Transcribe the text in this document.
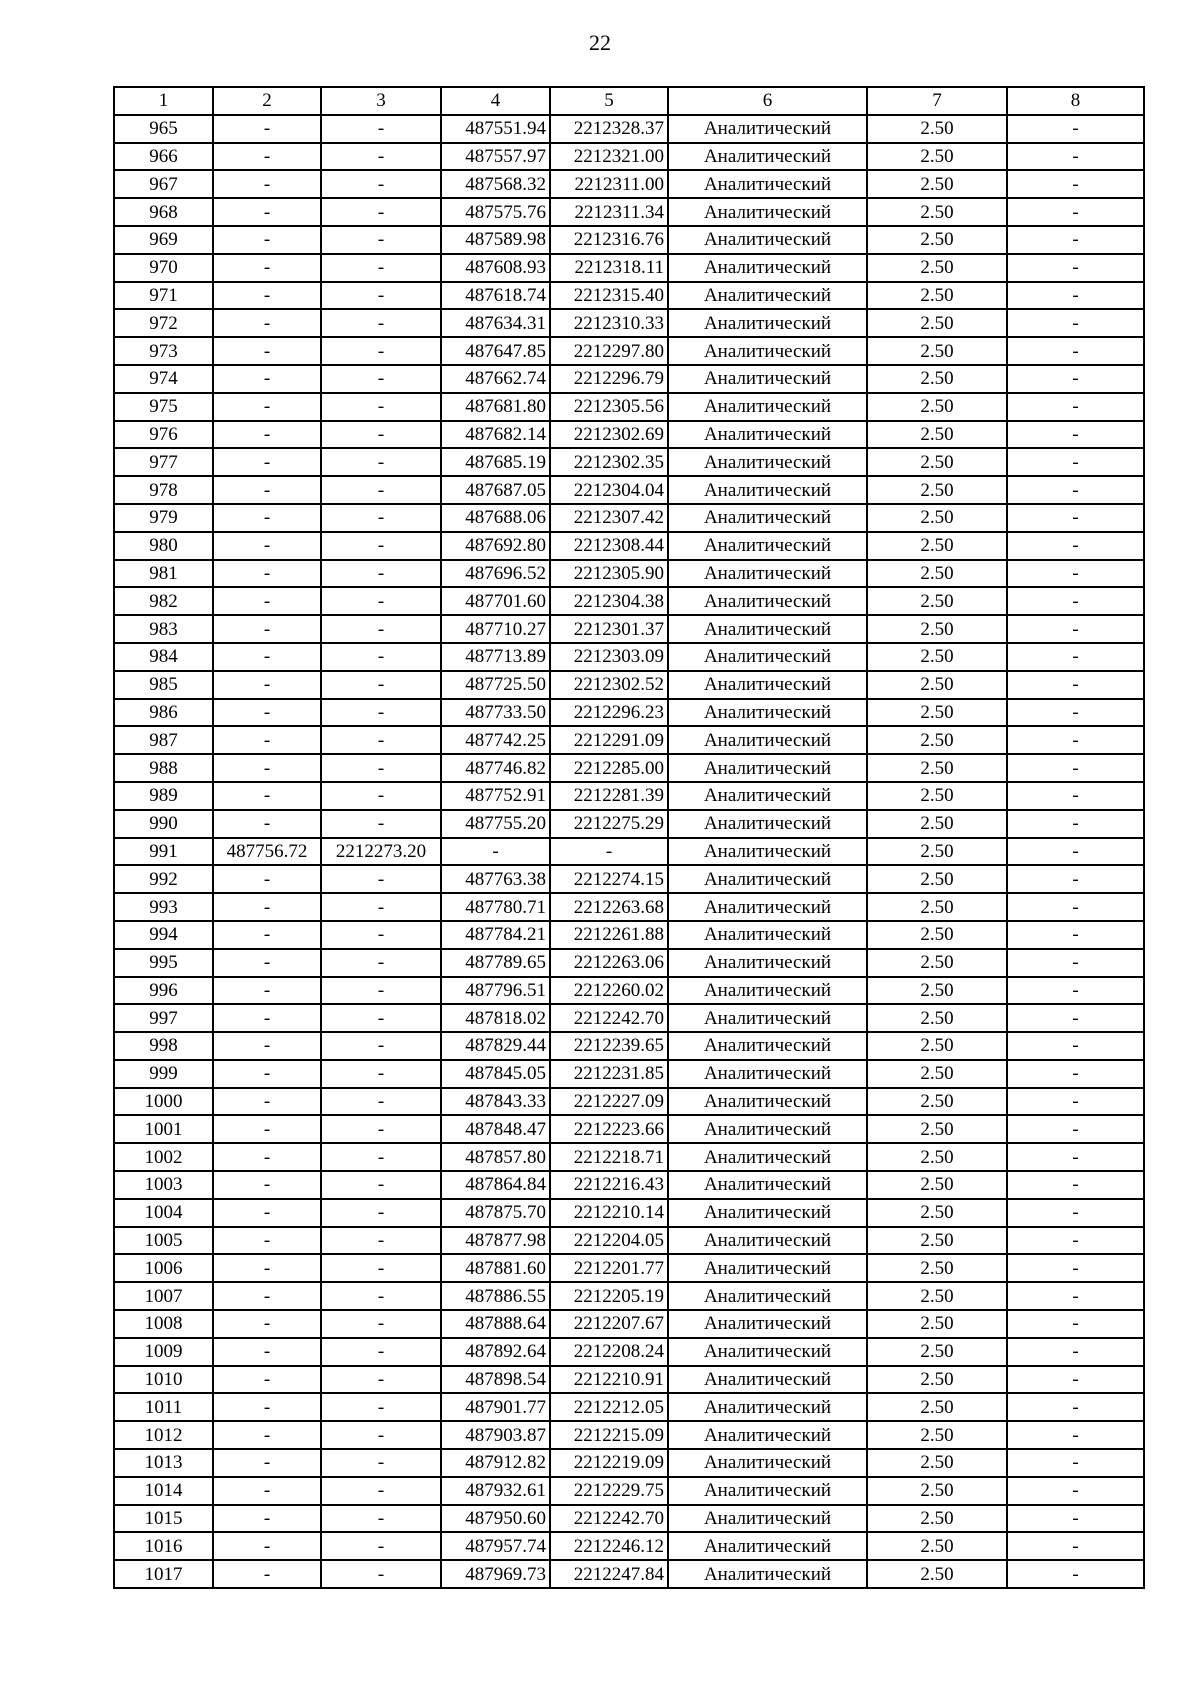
22
1	2	3	4	5	6	7	8
965	-	-	487551.94	2212328.37	Аналитический	2.50	-
966	-	-	487557.97	2212321.00	Аналитический	2.50	-
967	-	-	487568.32	2212311.00	Аналитический	2.50	-
968	-	-	487575.76	2212311.34	Аналитический	2.50	-
969	-	-	487589.98	2212316.76	Аналитический	2.50	-
970	-	-	487608.93	2212318.11	Аналитический	2.50	-
971	-	-	487618.74	2212315.40	Аналитический	2.50	-
972	-	-	487634.31	2212310.33	Аналитический	2.50	-
973	-	-	487647.85	2212297.80	Аналитический	2.50	-
974	-	-	487662.74	2212296.79	Аналитический	2.50	-
975	-	-	487681.80	2212305.56	Аналитический	2.50	-
976	-	-	487682.14	2212302.69	Аналитический	2.50	-
977	-	-	487685.19	2212302.35	Аналитический	2.50	-
978	-	-	487687.05	2212304.04	Аналитический	2.50	-
979	-	-	487688.06	2212307.42	Аналитический	2.50	-
980	-	-	487692.80	2212308.44	Аналитический	2.50	-
981	-	-	487696.52	2212305.90	Аналитический	2.50	-
982	-	-	487701.60	2212304.38	Аналитический	2.50	-
983	-	-	487710.27	2212301.37	Аналитический	2.50	-
984	-	-	487713.89	2212303.09	Аналитический	2.50	-
985	-	-	487725.50	2212302.52	Аналитический	2.50	-
986	-	-	487733.50	2212296.23	Аналитический	2.50	-
987	-	-	487742.25	2212291.09	Аналитический	2.50	-
988	-	-	487746.82	2212285.00	Аналитический	2.50	-
989	-	-	487752.91	2212281.39	Аналитический	2.50	-
990	-	-	487755.20	2212275.29	Аналитический	2.50	-
991	487756.72	2212273.20	-	-	Аналитический	2.50	-
992	-	-	487763.38	2212274.15	Аналитический	2.50	-
993	-	-	487780.71	2212263.68	Аналитический	2.50	-
994	-	-	487784.21	2212261.88	Аналитический	2.50	-
995	-	-	487789.65	2212263.06	Аналитический	2.50	-
996	-	-	487796.51	2212260.02	Аналитический	2.50	-
997	-	-	487818.02	2212242.70	Аналитический	2.50	-
998	-	-	487829.44	2212239.65	Аналитический	2.50	-
999	-	-	487845.05	2212231.85	Аналитический	2.50	-
1000	-	-	487843.33	2212227.09	Аналитический	2.50	-
1001	-	-	487848.47	2212223.66	Аналитический	2.50	-
1002	-	-	487857.80	2212218.71	Аналитический	2.50	-
1003	-	-	487864.84	2212216.43	Аналитический	2.50	-
1004	-	-	487875.70	2212210.14	Аналитический	2.50	-
1005	-	-	487877.98	2212204.05	Аналитический	2.50	-
1006	-	-	487881.60	2212201.77	Аналитический	2.50	-
1007	-	-	487886.55	2212205.19	Аналитический	2.50	-
1008	-	-	487888.64	2212207.67	Аналитический	2.50	-
1009	-	-	487892.64	2212208.24	Аналитический	2.50	-
1010	-	-	487898.54	2212210.91	Аналитический	2.50	-
1011	-	-	487901.77	2212212.05	Аналитический	2.50	-
1012	-	-	487903.87	2212215.09	Аналитический	2.50	-
1013	-	-	487912.82	2212219.09	Аналитический	2.50	-
1014	-	-	487932.61	2212229.75	Аналитический	2.50	-
1015	-	-	487950.60	2212242.70	Аналитический	2.50	-
1016	-	-	487957.74	2212246.12	Аналитический	2.50	-
1017	-	-	487969.73	2212247.84	Аналитический	2.50	-
